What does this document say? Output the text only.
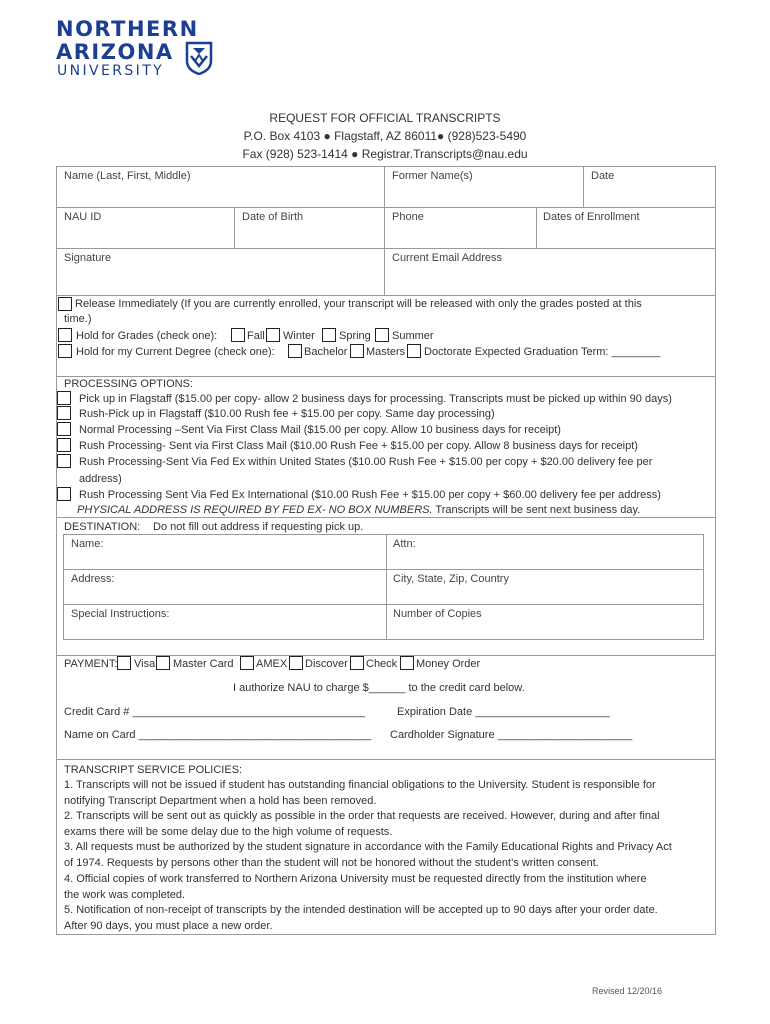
NORTHERN
ARIZONA
UNIVERSITY
REQUEST FOR OFFICIAL TRANSCRIPTS
P.O. Box 4103 ● Flagstaff, AZ 86011● (928)523-5490
Fax (928) 523-1414 ● Registrar.Transcripts@nau.edu
Name (Last, First, Middle)	Former Name(s)	Date
NAU ID	Date of Birth	Phone	Dates of Enrollment
Signature	Current Email Address
Release Immediately (If you are currently enrolled, your transcript will be released with only the grades posted at this
time.)
Hold for Grades (check one):	Fall Winter Spring Summer
Hold for my Current Degree (check one):	Bachelor Masters Doctorate Expected Graduation Term: ________
PROCESSING OPTIONS:
Pick up in Flagstaff ($15.00 per copy- allow 2 business days for processing. Transcripts must be picked up within 90 days)
Rush-Pick up in Flagstaff ($10.00 Rush fee + $15.00 per copy. Same day processing)
Normal Processing –Sent Via First Class Mail ($15.00 per copy. Allow 10 business days for receipt)
Rush Processing- Sent via First Class Mail ($10.00 Rush Fee + $15.00 per copy. Allow 8 business days for receipt)
Rush Processing-Sent Via Fed Ex within United States ($10.00 Rush Fee + $15.00 per copy + $20.00 delivery fee per
address)
Rush Processing Sent Via Fed Ex International ($10.00 Rush Fee + $15.00 per copy + $60.00 delivery fee per address)
PHYSICAL ADDRESS IS REQUIRED BY FED EX- NO BOX NUMBERS. Transcripts will be sent next business day.
DESTINATION: Do not fill out address if requesting pick up.
Name:	Attn:
Address:	City, State, Zip, Country
Special Instructions:	Number of Copies
PAYMENT: Visa Master Card AMEX Discover Check Money Order
I authorize NAU to charge $______ to the credit card below.
Credit Card # ______________________________________	Expiration Date ______________________
Name on Card ______________________________________ Cardholder Signature ______________________
TRANSCRIPT SERVICE POLICIES:
1. Transcripts will not be issued if student has outstanding financial obligations to the University. Student is responsible for
notifying Transcript Department when a hold has been removed.
2. Transcripts will be sent out as quickly as possible in the order that requests are received. However, during and after final
exams there will be some delay due to the high volume of requests.
3. All requests must be authorized by the student signature in accordance with the Family Educational Rights and Privacy Act
of 1974. Requests by persons other than the student will not be honored without the student’s written consent.
4. Official copies of work transferred to Northern Arizona University must be requested directly from the institution where
the work was completed.
5. Notification of non-receipt of transcripts by the intended destination will be accepted up to 90 days after your order date.
After 90 days, you must place a new order.
Revised 12/20/16
